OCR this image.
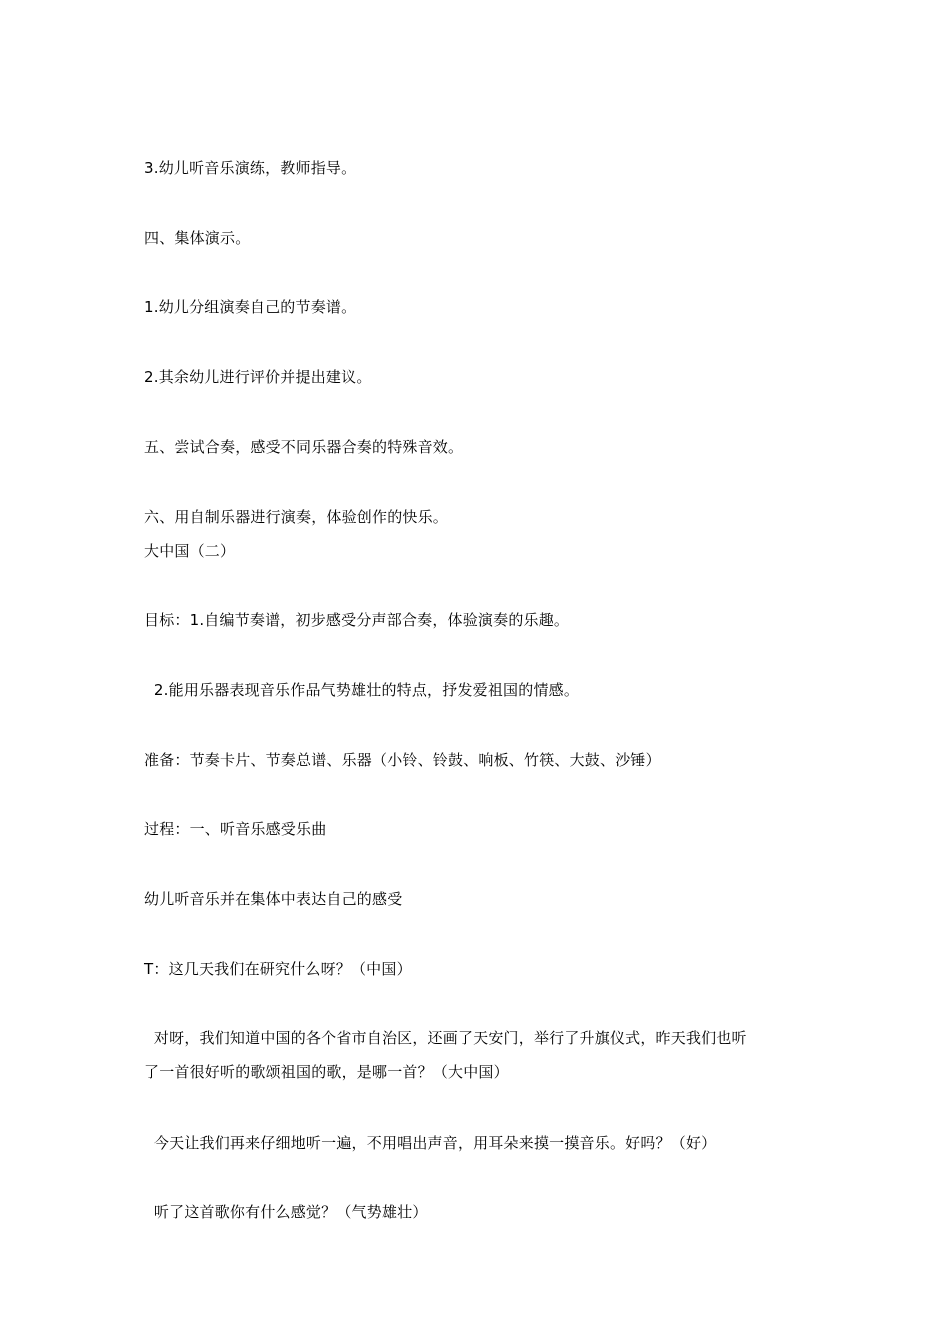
3.幼儿听音乐演练，教师指导。
四、集体演示。
1.幼儿分组演奏自己的节奏谱。
2.其余幼儿进行评价并提出建议。
五、尝试合奏，感受不同乐器合奏的特殊音效。
六、用自制乐器进行演奏，体验创作的快乐。
大中国（二）
目标：1.自编节奏谱，初步感受分声部合奏，体验演奏的乐趣。
2.能用乐器表现音乐作品气势雄壮的特点，抒发爱祖国的情感。
准备：节奏卡片、节奏总谱、乐器（小铃、铃鼓、响板、竹筷、大鼓、沙锤）
过程：一、听音乐感受乐曲
幼儿听音乐并在集体中表达自己的感受
T：这几天我们在研究什么呀？（中国）
对呀，我们知道中国的各个省市自治区，还画了天安门，举行了升旗仪式，昨天我们也听
了一首很好听的歌颂祖国的歌，是哪一首？（大中国）
今天让我们再来仔细地听一遍，不用唱出声音，用耳朵来摸一摸音乐。好吗？（好）
听了这首歌你有什么感觉？（气势雄壮）
